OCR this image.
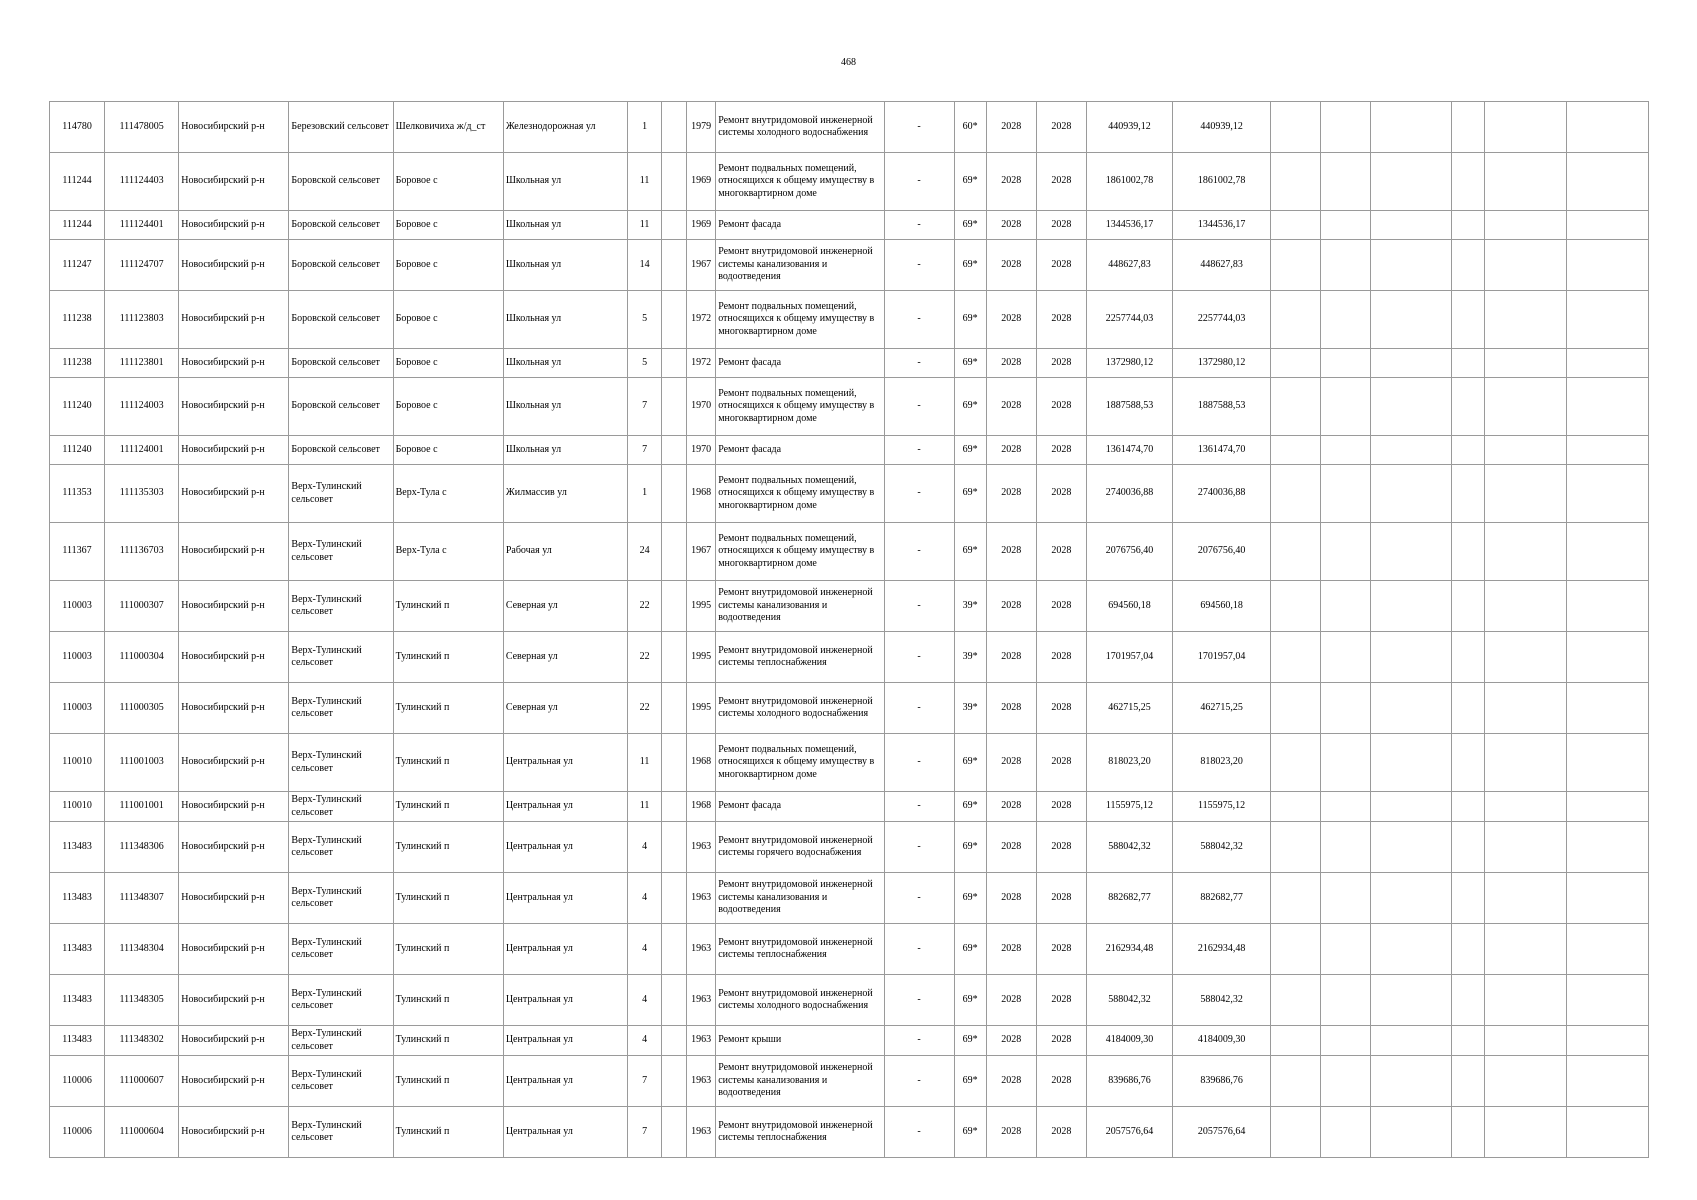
468
114780	111478005	Новосибирский р-н	Березовский сельсовет	Шелковичиха ж/д_ст	Железнодорожная ул	1		1979	Ремонт внутридомовой инженерной системы холодного водоснабжения	-	60*	2028	2028	440939,12	440939,12						
111244	111124403	Новосибирский р-н	Боровской сельсовет	Боровое с	Школьная ул	11		1969	Ремонт подвальных помещений, относящихся к общему имуществу в многоквартирном доме	-	69*	2028	2028	1861002,78	1861002,78						
111244	111124401	Новосибирский р-н	Боровской сельсовет	Боровое с	Школьная ул	11		1969	Ремонт фасада	-	69*	2028	2028	1344536,17	1344536,17						
111247	111124707	Новосибирский р-н	Боровской сельсовет	Боровое с	Школьная ул	14		1967	Ремонт внутридомовой инженерной системы канализования и водоотведения	-	69*	2028	2028	448627,83	448627,83						
111238	111123803	Новосибирский р-н	Боровской сельсовет	Боровое с	Школьная ул	5		1972	Ремонт подвальных помещений, относящихся к общему имуществу в многоквартирном доме	-	69*	2028	2028	2257744,03	2257744,03						
111238	111123801	Новосибирский р-н	Боровской сельсовет	Боровое с	Школьная ул	5		1972	Ремонт фасада	-	69*	2028	2028	1372980,12	1372980,12						
111240	111124003	Новосибирский р-н	Боровской сельсовет	Боровое с	Школьная ул	7		1970	Ремонт подвальных помещений, относящихся к общему имуществу в многоквартирном доме	-	69*	2028	2028	1887588,53	1887588,53						
111240	111124001	Новосибирский р-н	Боровской сельсовет	Боровое с	Школьная ул	7		1970	Ремонт фасада	-	69*	2028	2028	1361474,70	1361474,70						
111353	111135303	Новосибирский р-н	Верх-Тулинский сельсовет	Верх-Тула с	Жилмассив ул	1		1968	Ремонт подвальных помещений, относящихся к общему имуществу в многоквартирном доме	-	69*	2028	2028	2740036,88	2740036,88						
111367	111136703	Новосибирский р-н	Верх-Тулинский сельсовет	Верх-Тула с	Рабочая ул	24		1967	Ремонт подвальных помещений, относящихся к общему имуществу в многоквартирном доме	-	69*	2028	2028	2076756,40	2076756,40						
110003	111000307	Новосибирский р-н	Верх-Тулинский сельсовет	Тулинский п	Северная ул	22		1995	Ремонт внутридомовой инженерной системы канализования и водоотведения	-	39*	2028	2028	694560,18	694560,18						
110003	111000304	Новосибирский р-н	Верх-Тулинский сельсовет	Тулинский п	Северная ул	22		1995	Ремонт внутридомовой инженерной системы теплоснабжения	-	39*	2028	2028	1701957,04	1701957,04						
110003	111000305	Новосибирский р-н	Верх-Тулинский сельсовет	Тулинский п	Северная ул	22		1995	Ремонт внутридомовой инженерной системы холодного водоснабжения	-	39*	2028	2028	462715,25	462715,25						
110010	111001003	Новосибирский р-н	Верх-Тулинский сельсовет	Тулинский п	Центральная ул	11		1968	Ремонт подвальных помещений, относящихся к общему имуществу в многоквартирном доме	-	69*	2028	2028	818023,20	818023,20						
110010	111001001	Новосибирский р-н	Верх-Тулинский сельсовет	Тулинский п	Центральная ул	11		1968	Ремонт фасада	-	69*	2028	2028	1155975,12	1155975,12						
113483	111348306	Новосибирский р-н	Верх-Тулинский сельсовет	Тулинский п	Центральная ул	4		1963	Ремонт внутридомовой инженерной системы горячего водоснабжения	-	69*	2028	2028	588042,32	588042,32						
113483	111348307	Новосибирский р-н	Верх-Тулинский сельсовет	Тулинский п	Центральная ул	4		1963	Ремонт внутридомовой инженерной системы канализования и водоотведения	-	69*	2028	2028	882682,77	882682,77						
113483	111348304	Новосибирский р-н	Верх-Тулинский сельсовет	Тулинский п	Центральная ул	4		1963	Ремонт внутридомовой инженерной системы теплоснабжения	-	69*	2028	2028	2162934,48	2162934,48						
113483	111348305	Новосибирский р-н	Верх-Тулинский сельсовет	Тулинский п	Центральная ул	4		1963	Ремонт внутридомовой инженерной системы холодного водоснабжения	-	69*	2028	2028	588042,32	588042,32						
113483	111348302	Новосибирский р-н	Верх-Тулинский сельсовет	Тулинский п	Центральная ул	4		1963	Ремонт крыши	-	69*	2028	2028	4184009,30	4184009,30						
110006	111000607	Новосибирский р-н	Верх-Тулинский сельсовет	Тулинский п	Центральная ул	7		1963	Ремонт внутридомовой инженерной системы канализования и водоотведения	-	69*	2028	2028	839686,76	839686,76						
110006	111000604	Новосибирский р-н	Верх-Тулинский сельсовет	Тулинский п	Центральная ул	7		1963	Ремонт внутридомовой инженерной системы теплоснабжения	-	69*	2028	2028	2057576,64	2057576,64						
